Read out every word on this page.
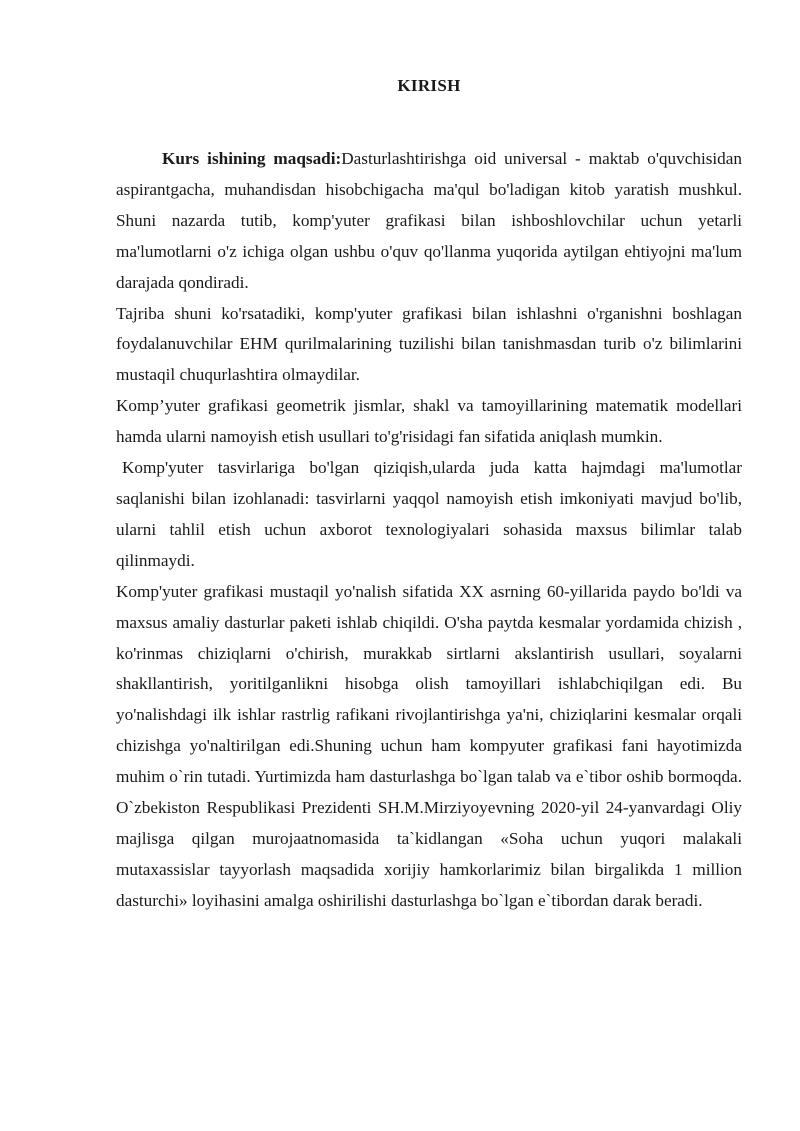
KIRISH

Kurs ishining maqsadi:Dasturlashtirishga oid universal - maktab o'quvchisidan aspirantgacha, muhandisdan hisobchigacha ma'qul bo'ladigan kitob yaratish mushkul. Shuni nazarda tutib, komp'yuter grafikasi bilan ishboshlovchilar uchun yetarli ma'lumotlarni o'z ichiga olgan ushbu o'quv qo'llanma yuqorida aytilgan ehtiyojni ma'lum darajada qondiradi.

Tajriba shuni ko'rsatadiki, komp'yuter grafikasi bilan ishlashni o'rganishni boshlagan foydalanuvchilar EHM qurilmalarining tuzilishi bilan tanishmasdan turib o'z bilimlarini mustaqil chuqurlashtira olmaydilar.

Komp’yuter grafikasi geometrik jismlar, shakl va tamoyillarining matematik modellari hamda ularni namoyish etish usullari to'g'risidagi fan sifatida aniqlash mumkin.

Komp'yuter tasvirlariga bo'lgan qiziqish,ularda juda katta hajmdagi ma'lumotlar saqlanishi bilan izohlanadi: tasvirlarni yaqqol namoyish etish imkoniyati mavjud bo'lib, ularni tahlil etish uchun axborot texnologiyalari sohasida maxsus bilimlar talab qilinmaydi.

Komp'yuter grafikasi mustaqil yo'nalish sifatida XX asrning 60-yillarida paydo bo'ldi va maxsus amaliy dasturlar paketi ishlab chiqildi. O'sha paytda kesmalar yordamida chizish , ko'rinmas chiziqlarni o'chirish, murakkab sirtlarni akslantirish usullari, soyalarni shakllantirish, yoritilganlikni hisobga olish tamoyillari ishlabchiqilgan edi. Bu yo'nalishdagi ilk ishlar rastrlig rafikani rivojlantirishga ya'ni, chiziqlarini kesmalar orqali chizishga yo'naltirilgan edi.Shuning uchun ham kompyuter grafikasi fani hayotimizda muhim o`rin tutadi. Yurtimizda ham dasturlashga bo`lgan talab va e`tibor oshib bormoqda.

O`zbekiston Respublikasi Prezidenti SH.M.Mirziyoyevning 2020-yil 24-yanvardagi Oliy majlisga qilgan murojaatnomasida ta`kidlangan «Soha uchun yuqori malakali mutaxassislar tayyorlash maqsadida xorijiy hamkorlarimiz bilan birgalikda 1 million dasturchi» loyihasini amalga oshirilishi dasturlashga bo`lgan e`tibordan darak beradi.
